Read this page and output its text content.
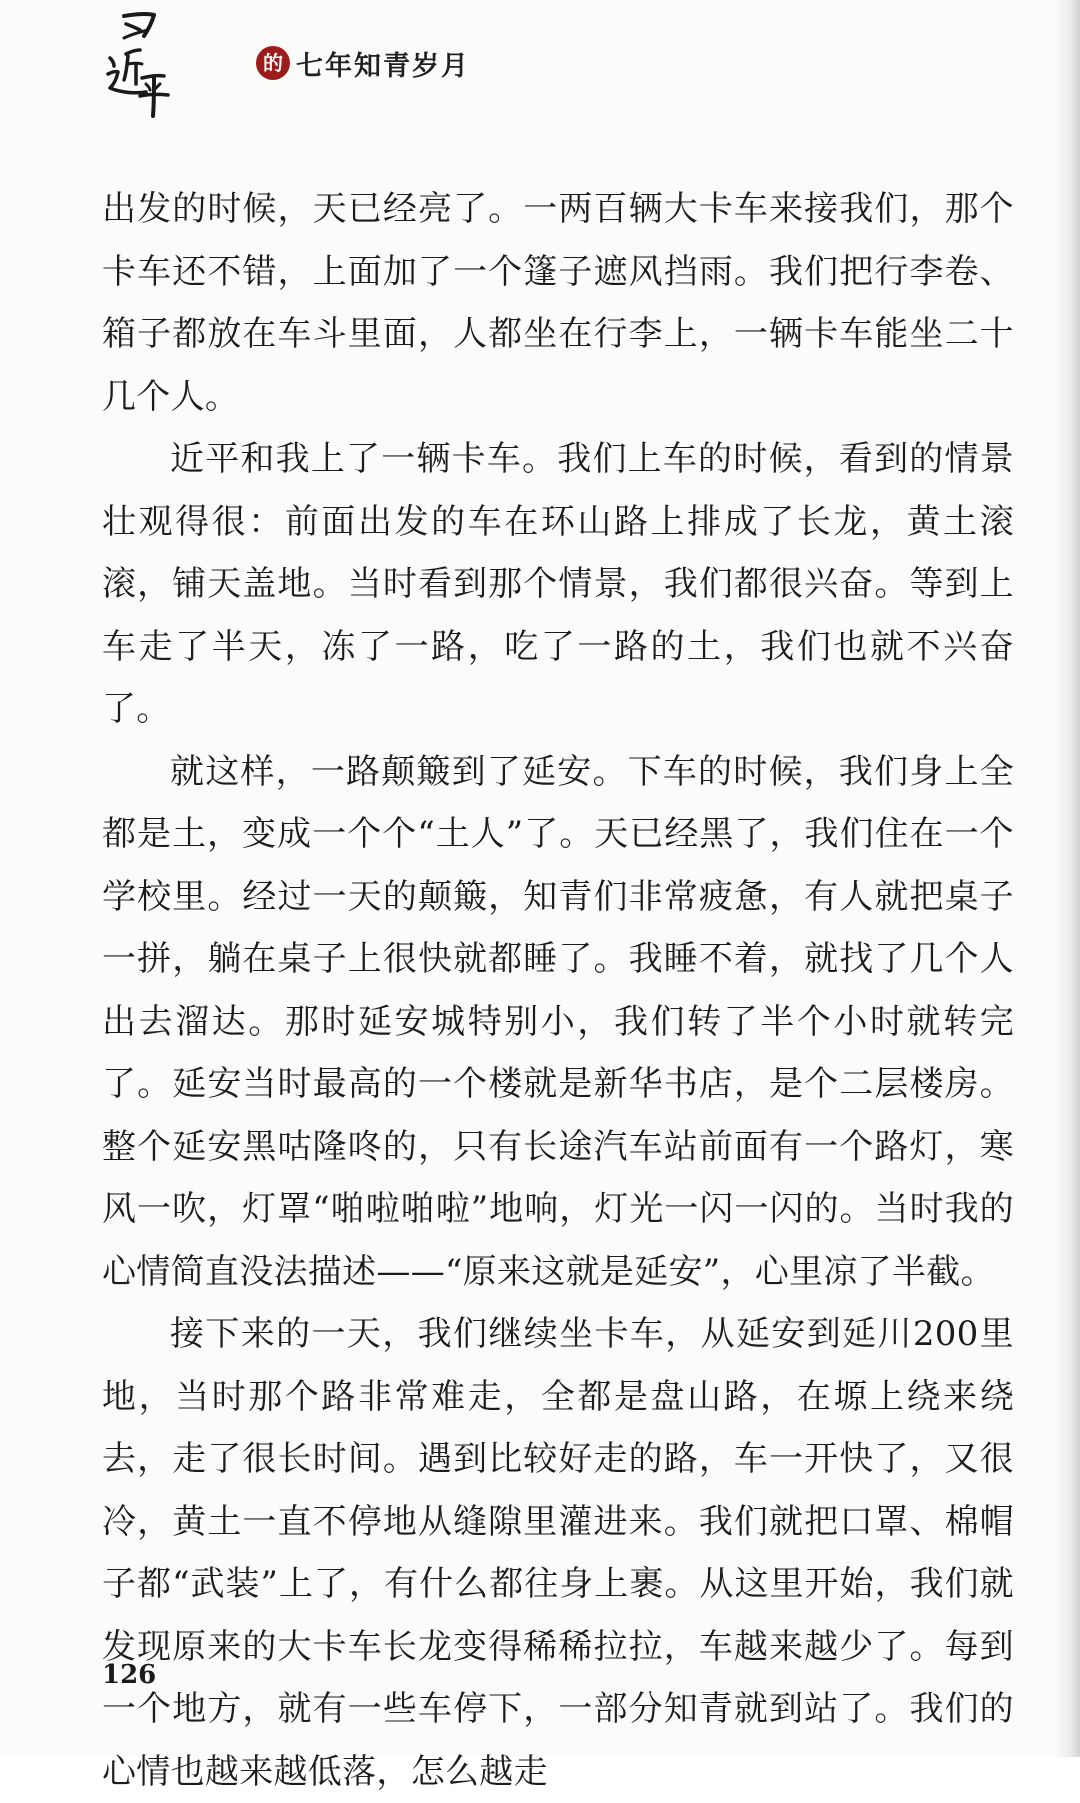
的 七年知青岁月

出发的时候，天已经亮了。一两百辆大卡车来接我们，那个卡车还不错，上面加了一个篷子遮风挡雨。我们把行李卷、箱子都放在车斗里面，人都坐在行李上，一辆卡车能坐二十几个人。

近平和我上了一辆卡车。我们上车的时候，看到的情景壮观得很：前面出发的车在环山路上排成了长龙，黄土滚滚，铺天盖地。当时看到那个情景，我们都很兴奋。等到上车走了半天，冻了一路，吃了一路的土，我们也就不兴奋了。

就这样，一路颠簸到了延安。下车的时候，我们身上全都是土，变成一个个“土人”了。天已经黑了，我们住在一个学校里。经过一天的颠簸，知青们非常疲惫，有人就把桌子一拼，躺在桌子上很快就都睡了。我睡不着，就找了几个人出去溜达。那时延安城特别小，我们转了半个小时就转完了。延安当时最高的一个楼就是新华书店，是个二层楼房。整个延安黑咕隆咚的，只有长途汽车站前面有一个路灯，寒风一吹，灯罩“啪啦啪啦”地响，灯光一闪一闪的。当时我的心情简直没法描述——“原来这就是延安”，心里凉了半截。

接下来的一天，我们继续坐卡车，从延安到延川200里地，当时那个路非常难走，全都是盘山路，在塬上绕来绕去，走了很长时间。遇到比较好走的路，车一开快了，又很冷，黄土一直不停地从缝隙里灌进来。我们就把口罩、棉帽子都“武装”上了，有什么都往身上裹。从这里开始，我们就发现原来的大卡车长龙变得稀稀拉拉，车越来越少了。每到一个地方，就有一些车停下，一部分知青就到站了。我们的心情也越来越低落，怎么越走

126
